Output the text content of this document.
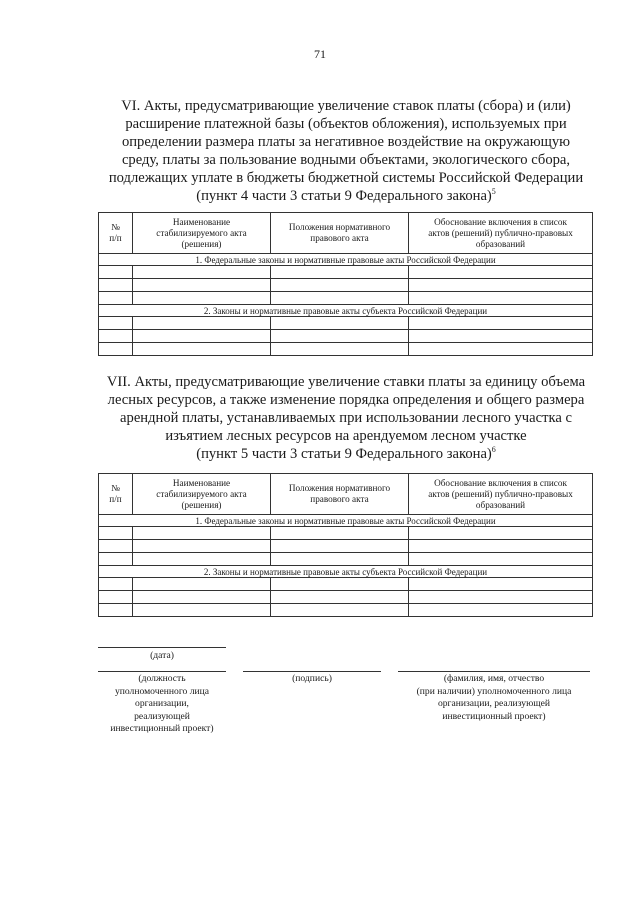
71
VI. Акты, предусматривающие увеличение ставок платы (сбора) и (или)
расширение платежной базы (объектов обложения), используемых при
определении размера платы за негативное воздействие на окружающую
среду, платы за пользование водными объектами, экологического сбора,
подлежащих уплате в бюджеты бюджетной системы Российской Федерации
(пункт 4 части 3 статьи 9 Федерального закона)$^5$
№
п/п	Наименование
стабилизируемого акта
(решения)	Положения нормативного
правового акта	Обоснование включения в список
актов (решений) публично-правовых
образований
1. Федеральные законы и нормативные правовые акты Российской Федерации			

2. Законы и нормативные правовые акты субъекта Российской Федерации			

VII. Акты, предусматривающие увеличение ставки платы за единицу объема
лесных ресурсов, а также изменение порядка определения и общего размера
арендной платы, устанавливаемых при использовании лесного участка с
изъятием лесных ресурсов на арендуемом лесном участке
(пункт 5 части 3 статьи 9 Федерального закона)$^6$
№
п/п	Наименование
стабилизируемого акта
(решения)	Положения нормативного
правового акта	Обоснование включения в список
актов (решений) публично-правовых
образований
1. Федеральные законы и нормативные правовые акты Российской Федерации			

2. Законы и нормативные правовые акты субъекта Российской Федерации			

(дата)
(должность
уполномоченного лица
организации,
реализующей
инвестиционный проект)
(подпись)	(фамилия, имя, отчество
(при наличии) уполномоченного лица
организации, реализующей
инвестиционный проект)
